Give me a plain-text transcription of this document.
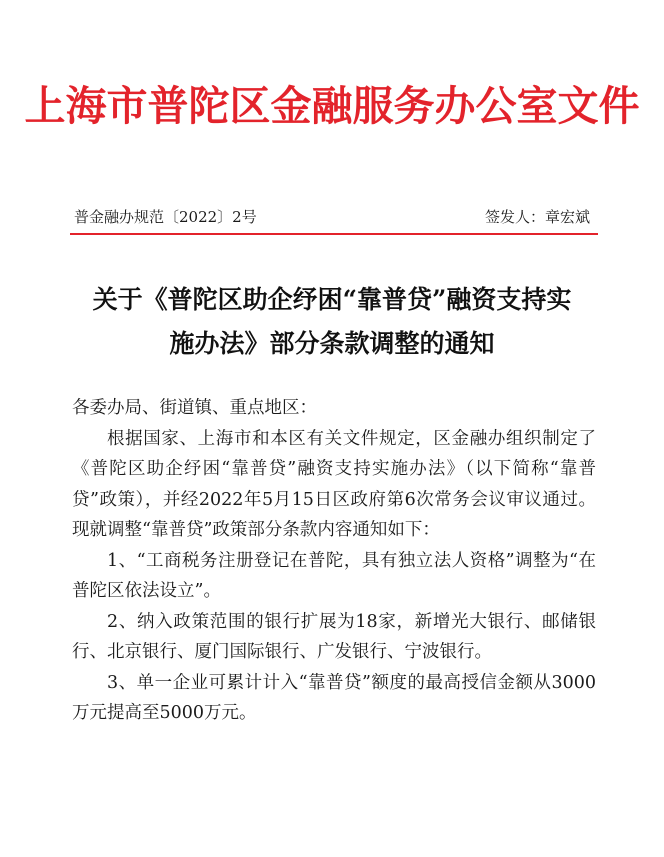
上海市普陀区金融服务办公室文件
普金融办规范〔2022〕2号	签发人：章宏斌
关于《普陀区助企纾困“靠普贷”融资支持实
施办法》部分条款调整的通知

各委办局、街道镇、重点地区：

根据国家、上海市和本区有关文件规定，区金融办组织制定了《普陀区助企纾困“靠普贷”融资支持实施办法》（以下简称“靠普贷”政策），并经2022年5月15日区政府第6次常务会议审议通过。现就调整“靠普贷”政策部分条款内容通知如下：

1、“工商税务注册登记在普陀，具有独立法人资格”调整为“在普陀区依法设立”。

2、纳入政策范围的银行扩展为18家，新增光大银行、邮储银行、北京银行、厦门国际银行、广发银行、宁波银行。

3、单一企业可累计计入“靠普贷”额度的最高授信金额从3000万元提高至5000万元。
